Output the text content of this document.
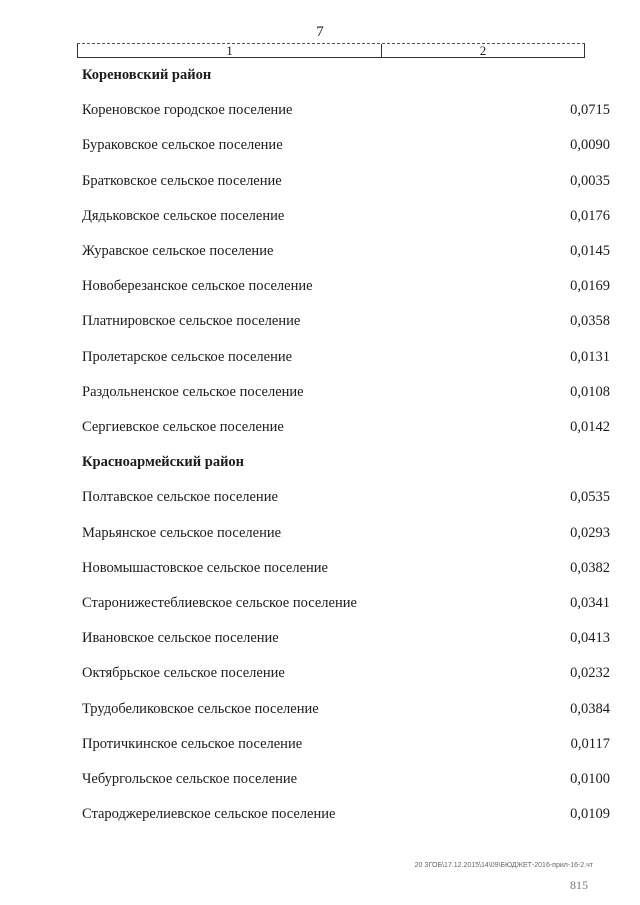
7
1	2
Кореновский район
Кореновское городское поселение	0,0715
Бураковское сельское поселение	0,0090
Братковское сельское поселение	0,0035
Дядьковское сельское поселение	0,0176
Журавское сельское поселение	0,0145
Новоберезанское сельское поселение	0,0169
Платнировское сельское поселение	0,0358
Пролетарское сельское поселение	0,0131
Раздольненское сельское поселение	0,0108
Сергиевское сельское поселение	0,0142
Красноармейский район
Полтавское сельское поселение	0,0535
Марьянское сельское поселение	0,0293
Новомышастовское сельское поселение	0,0382
Старонижестеблиевское сельское поселение	0,0341
Ивановское сельское поселение	0,0413
Октябрьское сельское поселение	0,0232
Трудобеликовское сельское поселение	0,0384
Протичкинское сельское поселение	0,0117
Чебургольское сельское поселение	0,0100
Староджерелиевское сельское поселение	0,0109
20 ЗГОБ\17.12.2015\14\09\БЮДЖЕТ-2016-прил-16-2.чт
815
